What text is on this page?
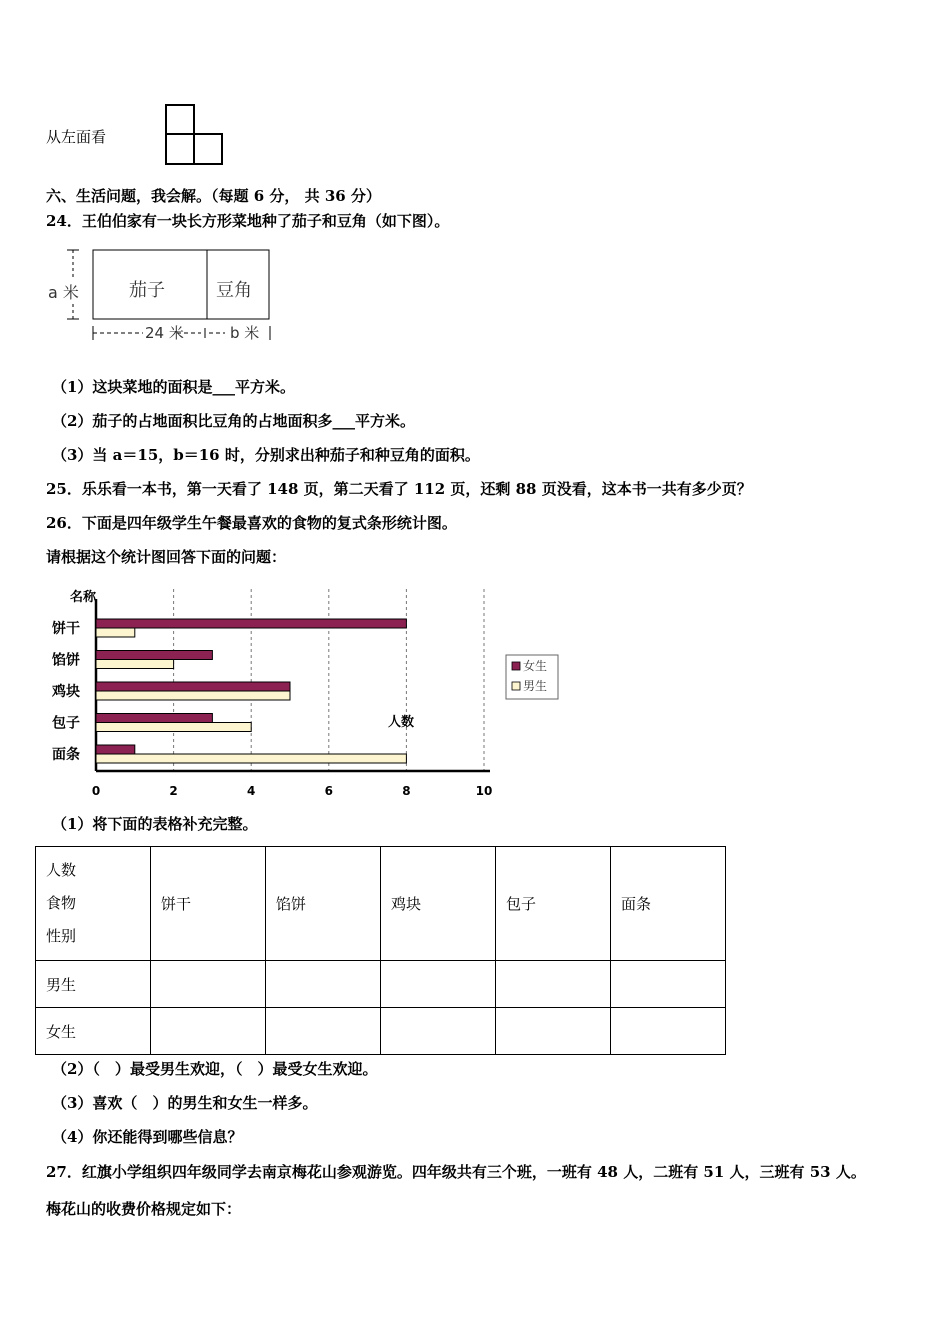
从左面看
六、生活问题，我会解。（每题 6 分， 共 36 分）
24．王伯伯家有一块长方形菜地种了茄子和豆角（如下图）。
a 米	茄子	豆角
24 米	b 米
（1）这块菜地的面积是___平方米。
（2）茄子的占地面积比豆角的占地面积多___平方米。
（3）当 a＝15，b＝16 时，分别求出种茄子和种豆角的面积。
25．乐乐看一本书，第一天看了 148 页，第二天看了 112 页，还剩 88 页没看，这本书一共有多少页？
26．下面是四年级学生午餐最喜欢的食物的复式条形统计图。
请根据这个统计图回答下面的问题：
名称
人数
0	2	4	6	8	10
饼干
馅饼
鸡块
包子
面条
女生
男生
（1）将下面的表格补充完整。
人数
食物
性别	饼干	馅饼	鸡块	包子	面条
男生					
女生					
（2）（　）最受男生欢迎，（　）最受女生欢迎。
（3）喜欢（　）的男生和女生一样多。
（4）你还能得到哪些信息？
27．红旗小学组织四年级同学去南京梅花山参观游览。四年级共有三个班，一班有 48 人，二班有 51 人，三班有 53 人。
梅花山的收费价格规定如下：
